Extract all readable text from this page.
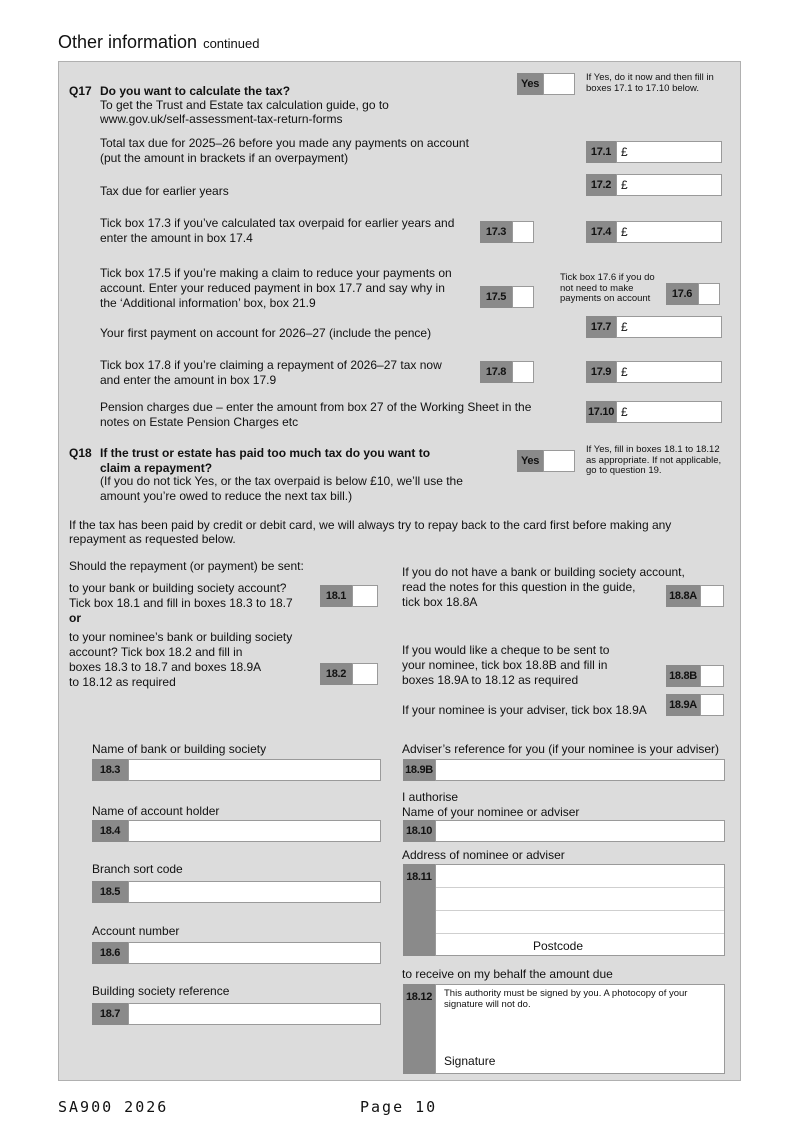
Other information continued
Q17 Do you want to calculate the tax?
To get the Trust and Estate tax calculation guide, go to
www.gov.uk/self-assessment-tax-return-forms
Yes
If Yes, do it now and then fill in boxes 17.1 to 17.10 below.
Total tax due for 2025–26 before you made any payments on account
(put the amount in brackets if an overpayment)	17.1 £
Tax due for earlier years	17.2 £
Tick box 17.3 if you’ve calculated tax overpaid for earlier years and
enter the amount in box 17.4	17.3	17.4 £
Tick box 17.5 if you’re making a claim to reduce your payments on
account. Enter your reduced payment in box 17.7 and say why in
the ‘Additional information’ box, box 21.9	17.5
Tick box 17.6 if you do not need to make payments on account	17.6
Your first payment on account for 2026–27 (include the pence)	17.7 £
Tick box 17.8 if you’re claiming a repayment of 2026–27 tax now
and enter the amount in box 17.9
17.8	17.9 £
Pension charges due – enter the amount from box 27 of the Working Sheet in the
notes on Estate Pension Charges etc
17.10 £
Q18 If the trust or estate has paid too much tax do you want to
claim a repayment?
(If you do not tick Yes, or the tax overpaid is below £10, we’ll use the
amount you’re owed to reduce the next tax bill.)
Yes
If Yes, fill in boxes 18.1 to 18.12 as appropriate. If not applicable, go to question 19.
If the tax has been paid by credit or debit card, we will always try to repay back to the card first before making any
repayment as requested below.
Should the repayment (or payment) be sent:
to your bank or building society account?
Tick box 18.1 and fill in boxes 18.3 to 18.7	18.1
or
to your nominee’s bank or building society
account? Tick box 18.2 and fill in
boxes 18.3 to 18.7 and boxes 18.9A
to 18.12 as required
18.2
If you do not have a bank or building society account,
read the notes for this question in the guide,
tick box 18.8A	18.8A
If you would like a cheque to be sent to
your nominee, tick box 18.8B and fill in
boxes 18.9A to 18.12 as required	18.8B
If your nominee is your adviser, tick box 18.9A 18.9A
Name of bank or building society
18.3
Name of account holder
18.4
Branch sort code
18.5
Account number
18.6
Building society reference
18.7
Adviser’s reference for you (if your nominee is your adviser)
18.9B
I authorise
Name of your nominee or adviser
18.10
Address of nominee or adviser
18.11
Postcode
to receive on my behalf the amount due
18.12	This authority must be signed by you. A photocopy of your signature will not do.
Signature
SA900 2026	Page 10
